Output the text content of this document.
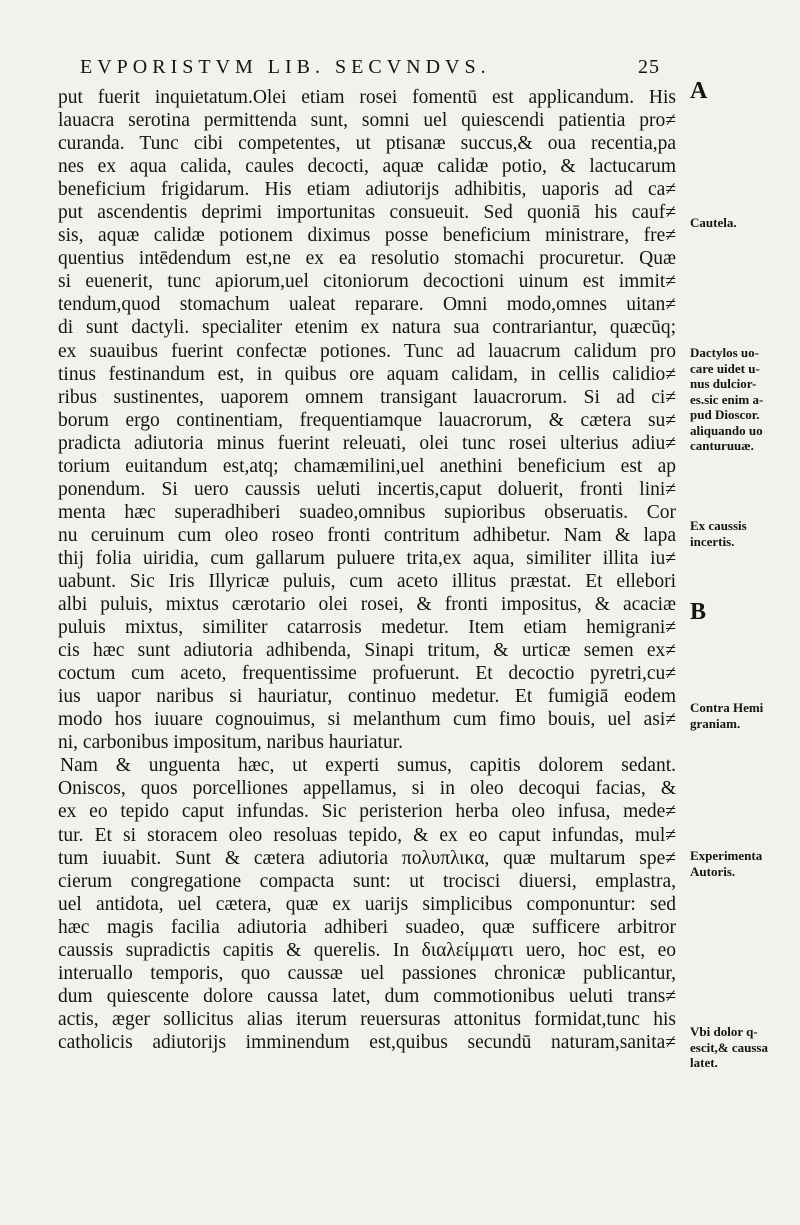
EVPORISTVM LIB. SECVNDVS.	25
put fuerit inquietatum.Olei etiam rosei fomentū est applicandum. His
lauacra serotina permittenda sunt, somni uel quiescendi patientia pro≠
curanda. Tunc cibi competentes, ut ptisanæ succus,& oua recentia,pa
nes ex aqua calida, caules decocti, aquæ calidæ potio, & lactucarum
beneficium frigidarum. His etiam adiutorijs adhibitis, uaporis ad ca≠
put ascendentis deprimi importunitas consueuit. Sed quoniā his cauf≠
sis, aquæ calidæ potionem diximus posse beneficium ministrare, fre≠
quentius intēdendum est,ne ex ea resolutio stomachi procuretur. Quæ
si euenerit, tunc apiorum,uel citoniorum decoctioni uinum est immit≠
tendum,quod stomachum ualeat reparare. Omni modo,omnes uitan≠
di sunt dactyli. specialiter etenim ex natura sua contrariantur, quæcūq;
ex suauibus fuerint confectæ potiones. Tunc ad lauacrum calidum pro
tinus festinandum est, in quibus ore aquam calidam, in cellis calidio≠
ribus sustinentes, uaporem omnem transigant lauacrorum. Si ad ci≠
borum ergo continentiam, frequentiamque lauacrorum, & cætera su≠
pradicta adiutoria minus fuerint releuati, olei tunc rosei ulterius adiu≠
torium euitandum est,atq; chamæmilini,uel anethini beneficium est ap
ponendum. Si uero caussis ueluti incertis,caput doluerit, fronti lini≠
menta hæc superadhiberi suadeo,omnibus supioribus obseruatis. Cor
nu ceruinum cum oleo roseo fronti contritum adhibetur. Nam & lapa
thij folia uiridia, cum gallarum puluere trita,ex aqua, similiter illita iu≠
uabunt. Sic Iris Illyricæ puluis, cum aceto illitus præstat. Et ellebori
albi puluis, mixtus cærotario olei rosei, & fronti impositus, & acaciæ
puluis mixtus, similiter catarrosis medetur. Item etiam hemigrani≠
cis hæc sunt adiutoria adhibenda, Sinapi tritum, & urticæ semen ex≠
coctum cum aceto, frequentissime profuerunt. Et decoctio pyretri,cu≠
ius uapor naribus si hauriatur, continuo medetur. Et fumigiā eodem
modo hos iuuare cognouimus, si melanthum cum fimo bouis, uel asi≠
ni, carbonibus impositum, naribus hauriatur.
Nam & unguenta hæc, ut experti sumus, capitis dolorem sedant.
Oniscos, quos porcelliones appellamus, si in oleo decoqui facias, &
ex eo tepido caput infundas. Sic peristerion herba oleo infusa, mede≠
tur. Et si storacem oleo resoluas tepido, & ex eo caput infundas, mul≠
tum iuuabit. Sunt & cætera adiutoria πολυπλικα, quæ multarum spe≠
cierum congregatione compacta sunt: ut trocisci diuersi, emplastra,
uel antidota, uel cætera, quæ ex uarijs simplicibus componuntur: sed
hæc magis facilia adiutoria adhiberi suadeo, quæ sufficere arbitror
caussis supradictis capitis & querelis. In διαλείμματι uero, hoc est, eo
interuallo temporis, quo caussæ uel passiones chronicæ publicantur,
dum quiescente dolore caussa latet, dum commotionibus ueluti trans≠
actis, æger sollicitus alias iterum reuersuras attonitus formidat,tunc his
catholicis adiutorijs imminendum est,quibus secundū naturam,sanita≠
A
Cautela.
Dactylos uo-
care uidet u-
nus dulcior-
es.sic enim a-
pud Dioscor.
aliquando uo
canturuuæ.
Ex caussis
incertis.
B
Contra Hemi
graniam.
Experimenta
Autoris.
Vbi dolor q-
escit,& caussa
latet.
